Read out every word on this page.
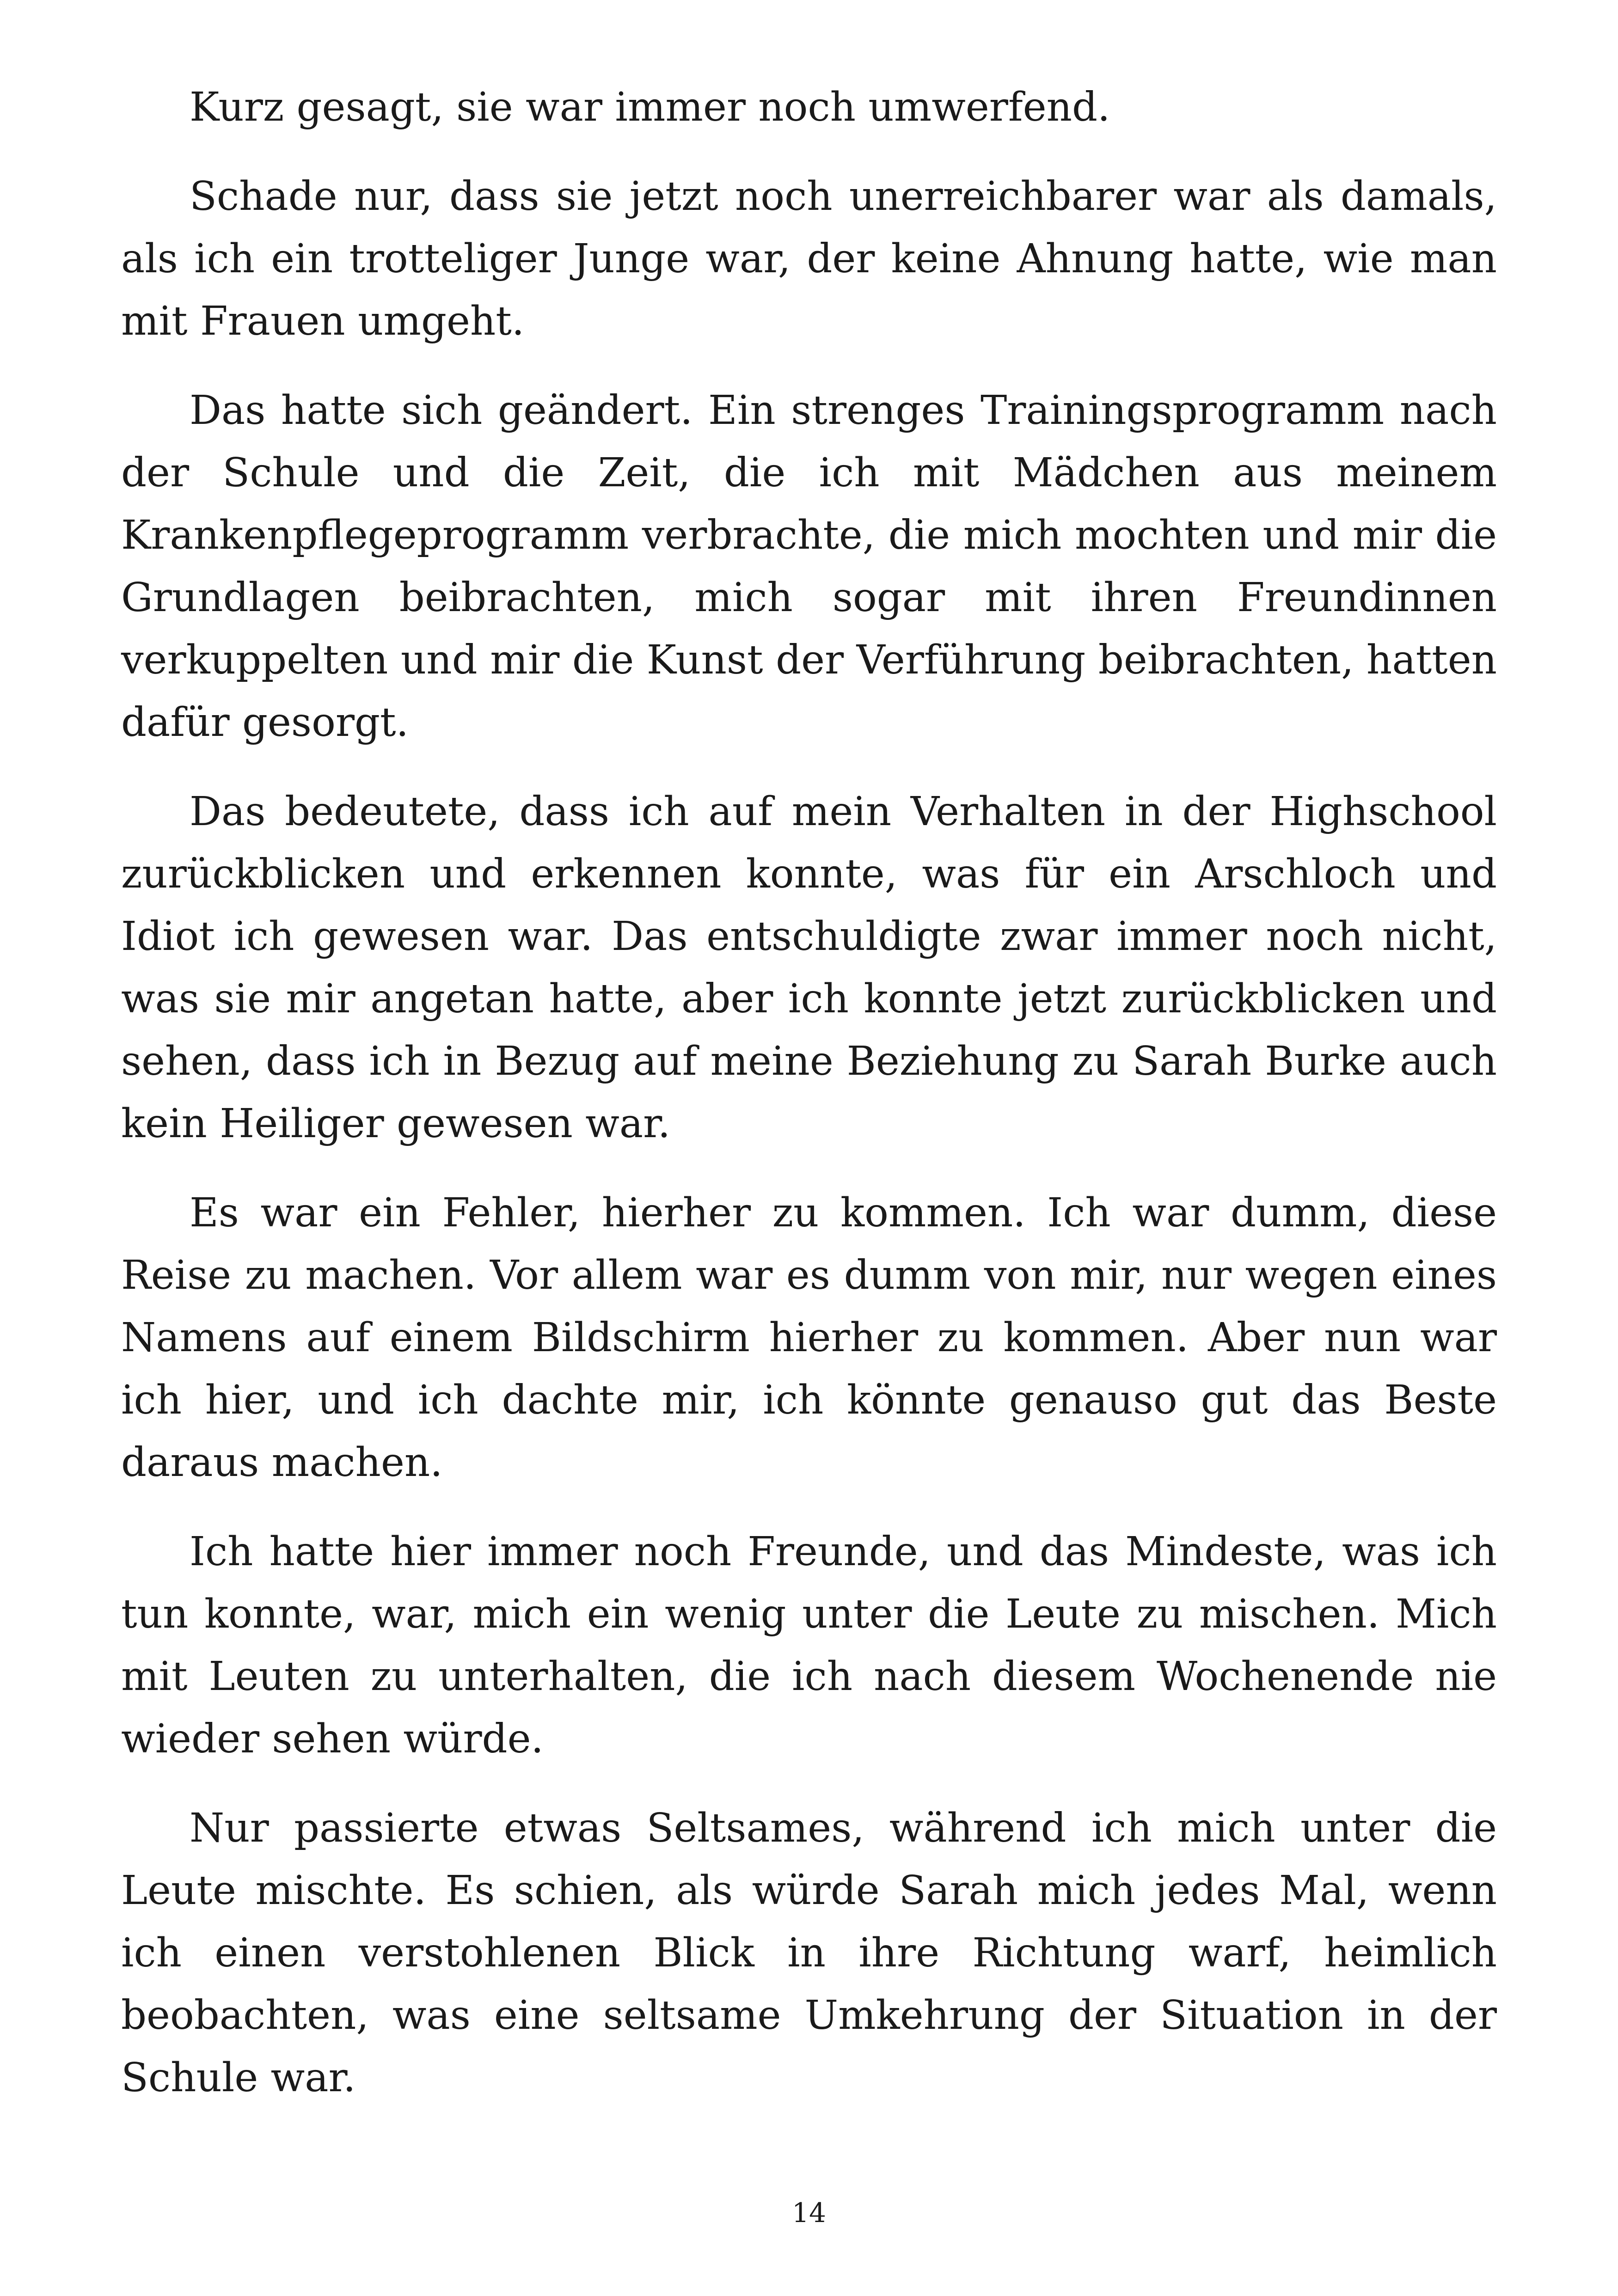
Kurz gesagt, sie war immer noch umwerfend.

Schade nur, dass sie jetzt noch unerreichbarer war als damals, als ich ein trotteliger Junge war, der keine Ahnung hatte, wie man mit Frauen umgeht.

Das hatte sich geändert. Ein strenges Trainingsprogramm nach der Schule und die Zeit, die ich mit Mädchen aus meinem Krankenpflegeprogramm verbrachte, die mich mochten und mir die Grundlagen beibrachten, mich sogar mit ihren Freundinnen verkuppelten und mir die Kunst der Verführung beibrachten, hatten dafür gesorgt.

Das bedeutete, dass ich auf mein Verhalten in der Highschool zurückblicken und erkennen konnte, was für ein Arschloch und Idiot ich gewesen war. Das entschuldigte zwar immer noch nicht, was sie mir angetan hatte, aber ich konnte jetzt zurückblicken und sehen, dass ich in Bezug auf meine Beziehung zu Sarah Burke auch kein Heiliger gewesen war.

Es war ein Fehler, hierher zu kommen. Ich war dumm, diese Reise zu machen. Vor allem war es dumm von mir, nur wegen eines Namens auf einem Bildschirm hierher zu kommen. Aber nun war ich hier, und ich dachte mir, ich könnte genauso gut das Beste daraus machen.

Ich hatte hier immer noch Freunde, und das Mindeste, was ich tun konnte, war, mich ein wenig unter die Leute zu mischen. Mich mit Leuten zu unterhalten, die ich nach diesem Wochenende nie wieder sehen würde.

Nur passierte etwas Seltsames, während ich mich unter die Leute mischte. Es schien, als würde Sarah mich jedes Mal, wenn ich einen verstohlenen Blick in ihre Richtung warf, heimlich beobachten, was eine seltsame Umkehrung der Situation in der Schule war.

14
